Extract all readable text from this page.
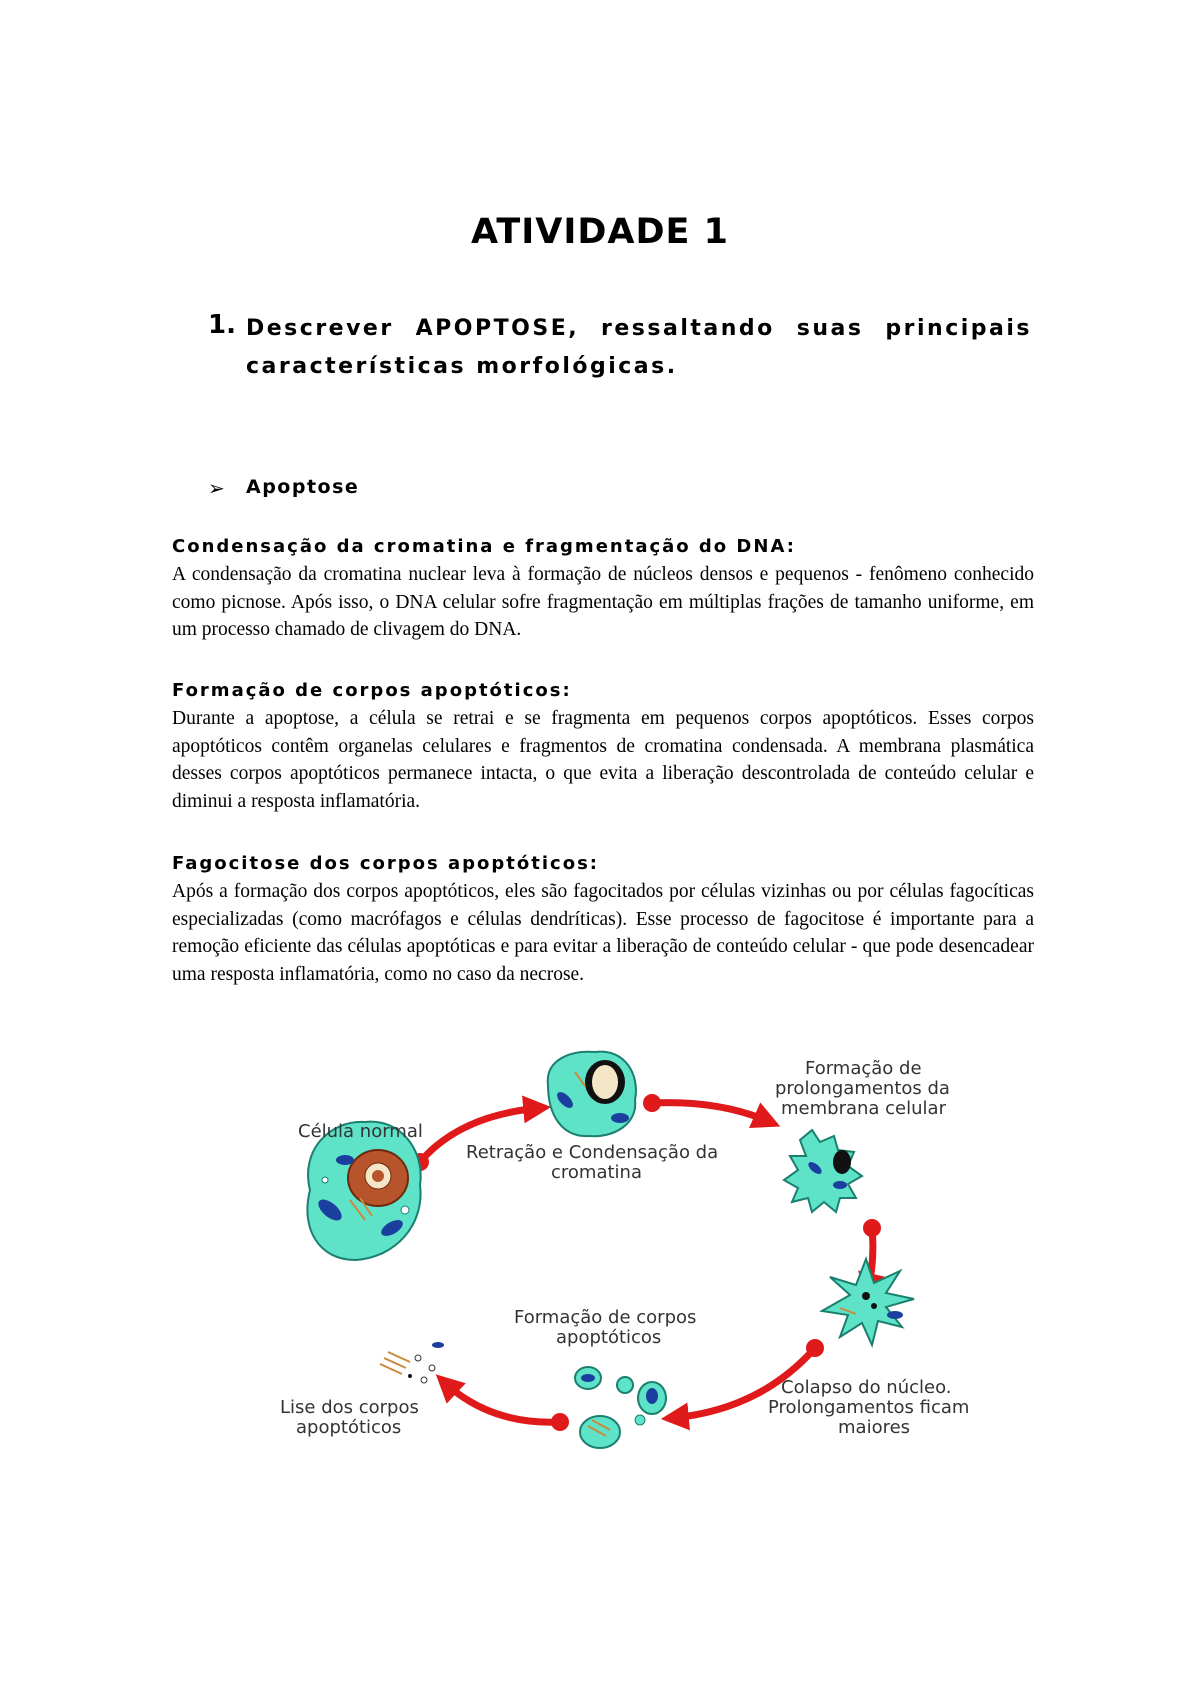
ATIVIDADE 1
1. Descrever APOPTOSE, ressaltando suas principais características morfológicas.
➢ Apoptose

Condensação da cromatina e fragmentação do DNA:

A condensação da cromatina nuclear leva à formação de núcleos densos e pequenos - fenômeno conhecido como picnose. Após isso, o DNA celular sofre fragmentação em múltiplas frações de tamanho uniforme, em um processo chamado de clivagem do DNA.

Formação de corpos apoptóticos:

Durante a apoptose, a célula se retrai e se fragmenta em pequenos corpos apoptóticos. Esses corpos apoptóticos contêm organelas celulares e fragmentos de cromatina condensada. A membrana plasmática desses corpos apoptóticos permanece intacta, o que evita a liberação descontrolada de conteúdo celular e diminui a resposta inflamatória.

Fagocitose dos corpos apoptóticos:

Após a formação dos corpos apoptóticos, eles são fagocitados por células vizinhas ou por células fagocíticas especializadas (como macrófagos e células dendríticas). Esse processo de fagocitose é importante para a remoção eficiente das células apoptóticas e para evitar a liberação de conteúdo celular - que pode desencadear uma resposta inflamatória, como no caso da necrose.

Célula normal
Retração e Condensação da
cromatina
Formação de
prolongamentos da
membrana celular
Formação de corpos
apoptóticos
Colapso do núcleo.
Prolongamentos ficam
maiores
Lise dos corpos
apoptóticos
